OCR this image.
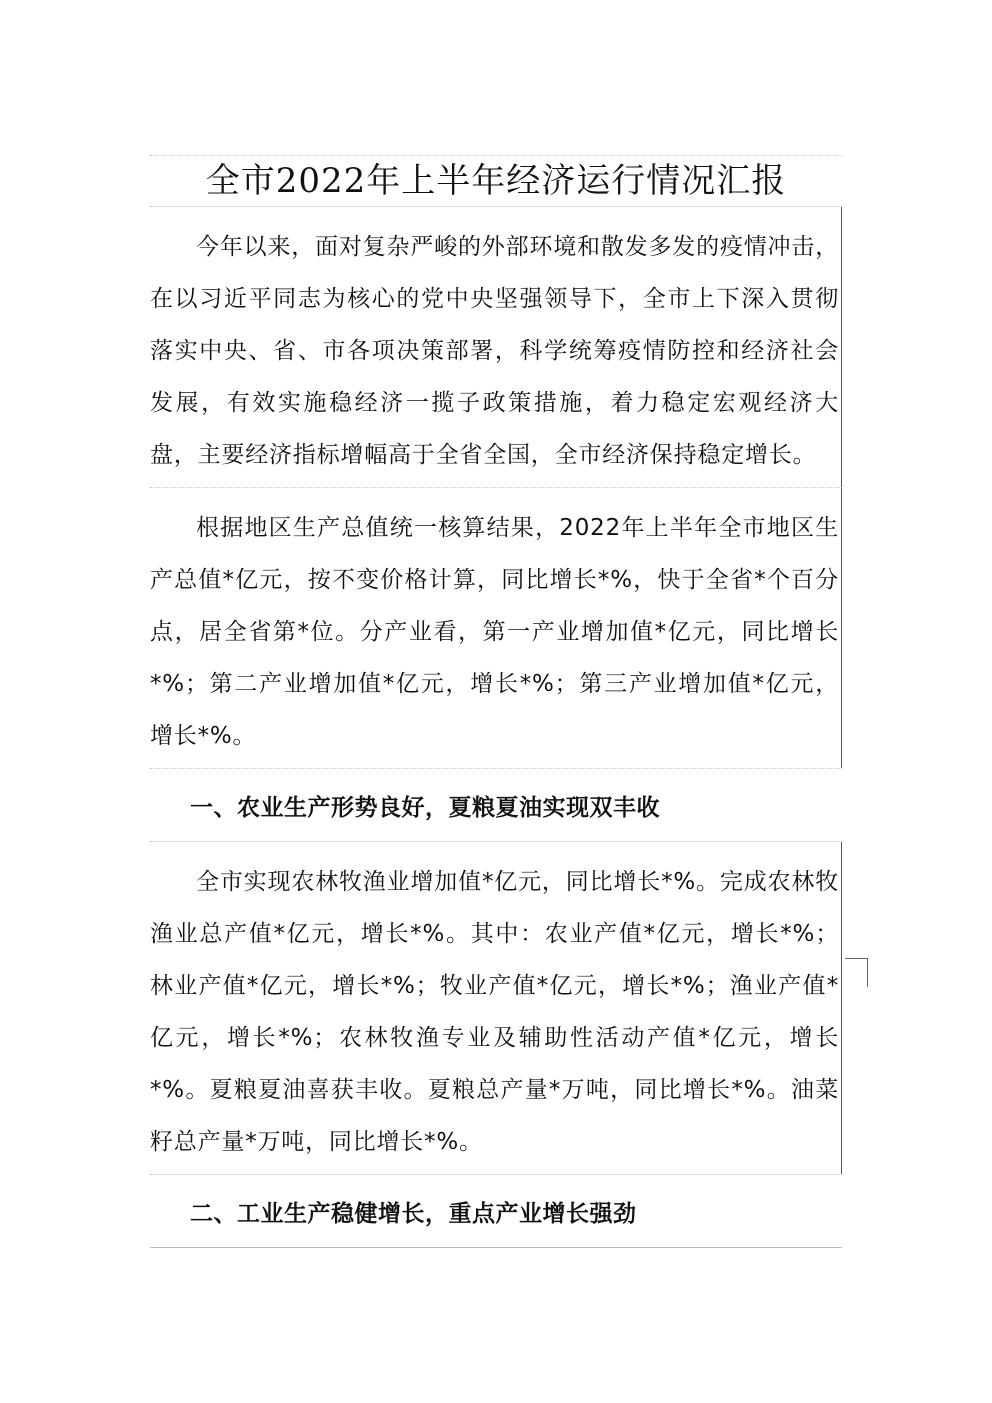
全市2022年上半年经济运行情况汇报

今年以来，面对复杂严峻的外部环境和散发多发的疫情冲击，在以习近平同志为核心的党中央坚强领导下，全市上下深入贯彻落实中央、省、市各项决策部署，科学统筹疫情防控和经济社会发展，有效实施稳经济一揽子政策措施，着力稳定宏观经济大盘，主要经济指标增幅高于全省全国，全市经济保持稳定增长。

根据地区生产总值统一核算结果，2022年上半年全市地区生产总值*亿元，按不变价格计算，同比增长*%，快于全省*个百分点，居全省第*位。分产业看，第一产业增加值*亿元，同比增长*%；第二产业增加值*亿元，增长*%；第三产业增加值*亿元，增长*%。

一、农业生产形势良好，夏粮夏油实现双丰收

全市实现农林牧渔业增加值*亿元，同比增长*%。完成农林牧渔业总产值*亿元，增长*%。其中：农业产值*亿元，增长*%；林业产值*亿元，增长*%；牧业产值*亿元，增长*%；渔业产值*亿元，增长*%；农林牧渔专业及辅助性活动产值*亿元，增长*%。夏粮夏油喜获丰收。夏粮总产量*万吨，同比增长*%。油菜籽总产量*万吨，同比增长*%。

二、工业生产稳健增长，重点产业增长强劲
